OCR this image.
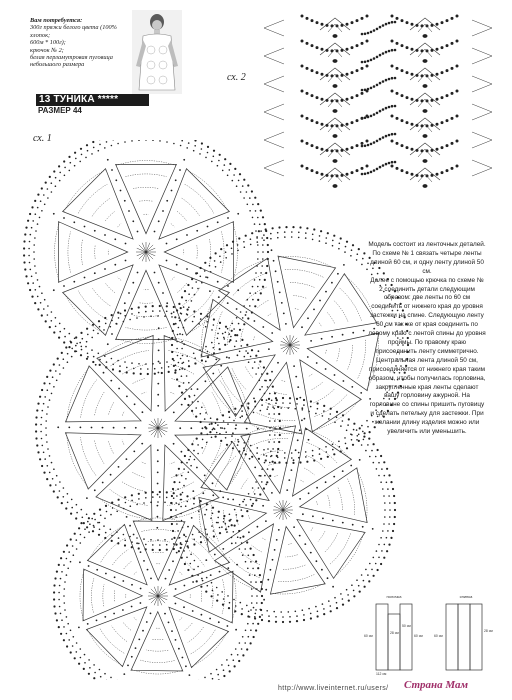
Вам потребуется:
300г пряжи белого цвета (100% хлопок;
600м * 100г);
крючок № 2;
белая перламутровая пуговица небольшого размера
13 ТУНИКА *****
РАЗМЕР 44
сх. 1
сх. 2

Модель состоит из ленточных деталей.

По схеме № 1 связать четыре ленты длиной 60 см, и одну ленту длиной 50 см.

Далее с помощью крючка по схеме № 2 соединить детали следующим образом: две ленты по 60 см соединить от нижнего края до уровня застежки на спине. Следующую ленту 60 см так же от края соединить по левому краю с лентой спины до уровня проймы. По правому краю присоединить ленту симметрично. Центральная лента длиной 50 см, присоединяется от нижнего края таким образом, чтобы получилась горловина, закругленные края ленты сделают вашу горловину ажурной. На горловине со спины пришить пуговицу и сделать петельку для застежки. При желании длину изделия можно или увеличить или уменьшить.

полочка	спинка
60 см
28 см
60 см
50 см
60 см
28 см
112 см
http://www.liveinternet.ru/users/ Страна Мам
